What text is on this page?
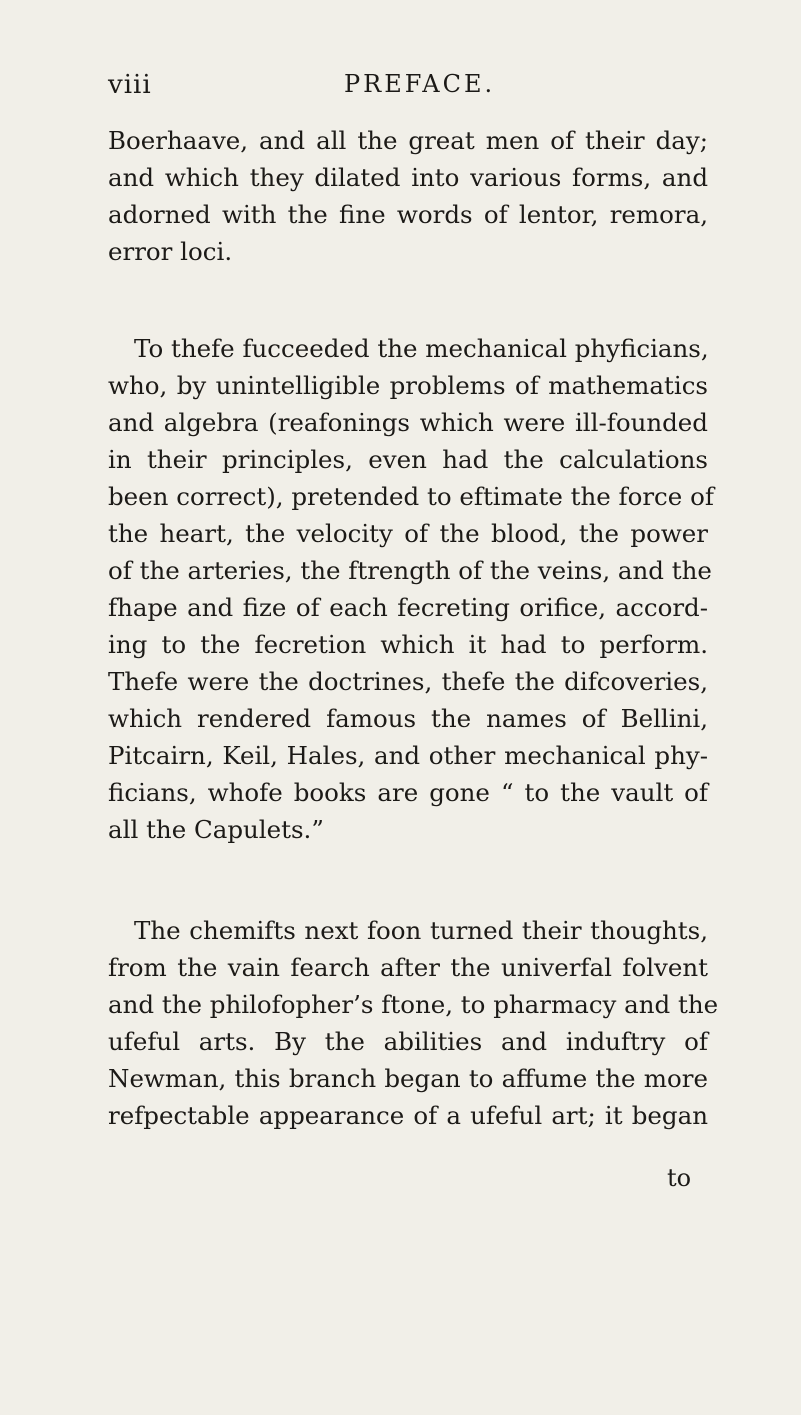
viii	PREFACE.

Boerhaave, and all the great men of their day;
and which they dilated into various forms, and
adorned with the fine words of lentor, remora,
error loci.

To thefe fucceeded the mechanical phyficians,
who, by unintelligible problems of mathematics
and algebra (reafonings which were ill-founded
in their principles, even had the calculations
been correct), pretended to eftimate the force of
the heart, the velocity of the blood, the power
of the arteries, the ftrength of the veins, and the
fhape and fize of each fecreting orifice, accord-
ing to the fecretion which it had to perform.
Thefe were the doctrines, thefe the difcoveries,
which rendered famous the names of Bellini,
Pitcairn, Keil, Hales, and other mechanical phy-
ficians, whofe books are gone “ to the vault of
all the Capulets.”

The chemifts next foon turned their thoughts,
from the vain fearch after the univerfal folvent
and the philofopher’s ftone, to pharmacy and the
ufeful arts. By the abilities and induftry of
Newman, this branch began to affume the more
refpectable appearance of a ufeful art; it began

to
